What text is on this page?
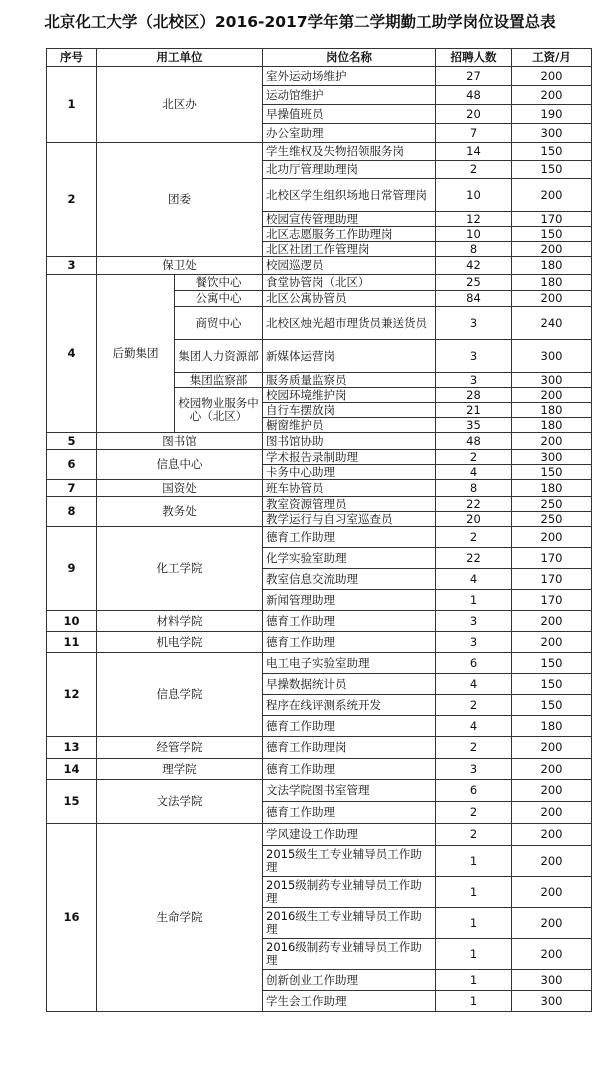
北京化工大学（北校区）2016-2017学年第二学期勤工助学岗位设置总表
序号	用工单位		岗位名称	招聘人数	工资/月
1	北区办		室外运动场维护	27	200
			运动馆维护	48	200
			早操值班员	20	190
			办公室助理	7	300
2	团委		学生维权及失物招领服务岗	14	150
			北功厅管理助理岗	2	150
			北校区学生组织场地日常管理岗	10	200
			校园宣传管理助理	12	170
			北区志愿服务工作助理岗	10	150
			北区社团工作管理岗	8	200
3	保卫处		校园巡逻员	42	180
4	后勤集团	餐饮中心	食堂协管岗（北区）	25	180
		公寓中心	北区公寓协管员	84	200
		商贸中心	北校区烛光超市理货员兼送货员	3	240
		集团人力资源部	新媒体运营岗	3	300
		集团监察部	服务质量监察员	3	300
		校园物业服务中心（北区）	校园环境维护岗	28	200
			自行车摆放岗	21	180
			橱窗维护员	35	180
5	图书馆		图书馆协助	48	200
6	信息中心		学术报告录制助理	2	300
			卡务中心助理	4	150
7	国资处		班车协管员	8	180
8	教务处		教室资源管理员	22	250
			教学运行与自习室巡查员	20	250
9	化工学院		德育工作助理	2	200
			化学实验室助理	22	170
			教室信息交流助理	4	170
			新闻管理助理	1	170
10	材料学院		德育工作助理	3	200
11	机电学院		德育工作助理	3	200
12	信息学院		电工电子实验室助理	6	150
			早操数据统计员	4	150
			程序在线评测系统开发	2	150
			德育工作助理	4	180
13	经管学院		德育工作助理岗	2	200
14	理学院		德育工作助理	3	200
15	文法学院		文法学院图书室管理	6	200
			德育工作助理	2	200
16	生命学院		学风建设工作助理	2	200
			2015级生工专业辅导员工作助理	1	200
			2015级制药专业辅导员工作助理	1	200
			2016级生工专业辅导员工作助理	1	200
			2016级制药专业辅导员工作助理	1	200
			创新创业工作助理	1	300
			学生会工作助理	1	300
